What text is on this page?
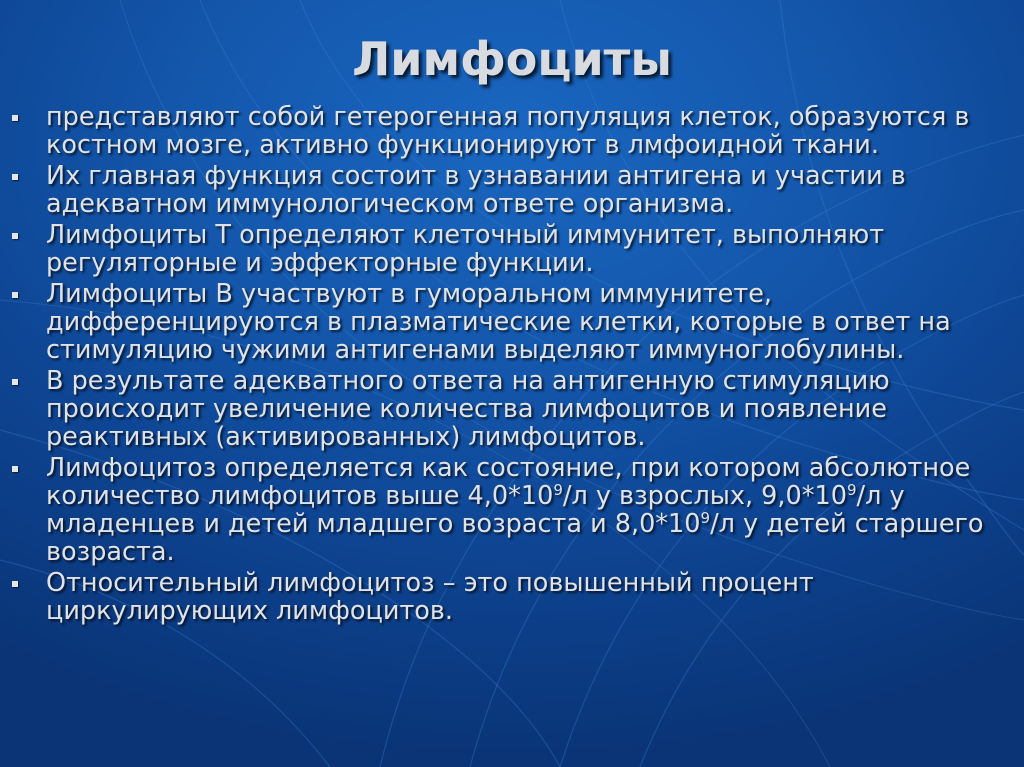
Лимфоциты
представляют собой гетерогенная популяция клеток, образуются в костном мозге, активно функционируют в лмфоидной ткани.
Их главная функция состоит в узнавании антигена и участии в адекватном иммунологическом ответе организма.
Лимфоциты Т определяют клеточный иммунитет, выполняют регуляторные и эффекторные функции.
Лимфоциты В участвуют в гуморальном иммунитете, дифференцируются в плазматические клетки, которые в ответ на стимуляцию чужими антигенами выделяют иммуноглобулины.
В результате адекватного ответа на антигенную стимуляцию происходит увеличение количества лимфоцитов и появление реактивных (активированных) лимфоцитов.
Лимфоцитоз определяется как состояние, при котором абсолютное количество лимфоцитов выше $4,0*10^9/л$ у взрослых, $9,0*10^9/л$ у младенцев и детей младшего возраста и $8,0*10^9/л$ у детей старшего возраста.
Относительный лимфоцитоз – это повышенный процент циркулирующих лимфоцитов.
